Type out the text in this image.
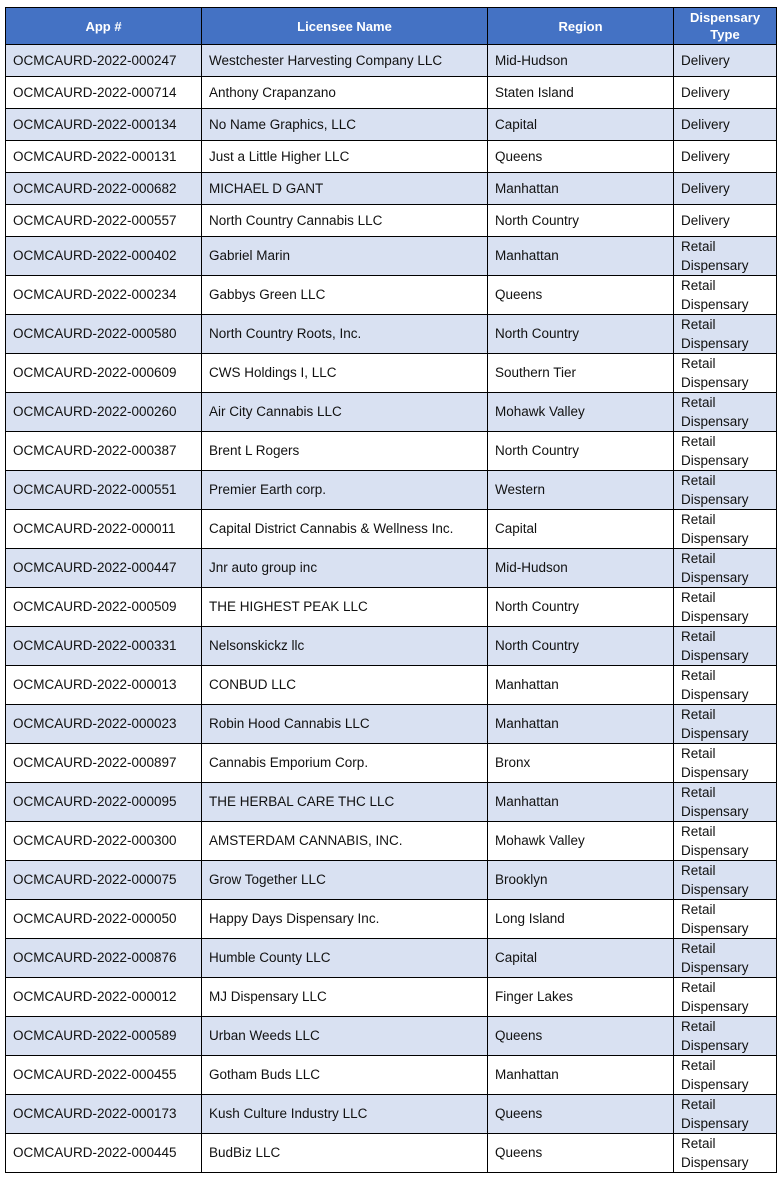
App #	Licensee Name	Region	Dispensary Type
OCMCAURD-2022-000247	Westchester Harvesting Company LLC	Mid-Hudson	Delivery
OCMCAURD-2022-000714	Anthony Crapanzano	Staten Island	Delivery
OCMCAURD-2022-000134	No Name Graphics, LLC	Capital	Delivery
OCMCAURD-2022-000131	Just a Little Higher LLC	Queens	Delivery
OCMCAURD-2022-000682	MICHAEL D GANT	Manhattan	Delivery
OCMCAURD-2022-000557	North Country Cannabis LLC	North Country	Delivery
OCMCAURD-2022-000402	Gabriel Marin	Manhattan	Retail Dispensary
OCMCAURD-2022-000234	Gabbys Green LLC	Queens	Retail Dispensary
OCMCAURD-2022-000580	North Country Roots, Inc.	North Country	Retail Dispensary
OCMCAURD-2022-000609	CWS Holdings I, LLC	Southern Tier	Retail Dispensary
OCMCAURD-2022-000260	Air City Cannabis LLC	Mohawk Valley	Retail Dispensary
OCMCAURD-2022-000387	Brent L Rogers	North Country	Retail Dispensary
OCMCAURD-2022-000551	Premier Earth corp.	Western	Retail Dispensary
OCMCAURD-2022-000011	Capital District Cannabis & Wellness Inc.	Capital	Retail Dispensary
OCMCAURD-2022-000447	Jnr auto group inc	Mid-Hudson	Retail Dispensary
OCMCAURD-2022-000509	THE HIGHEST PEAK LLC	North Country	Retail Dispensary
OCMCAURD-2022-000331	Nelsonskickz llc	North Country	Retail Dispensary
OCMCAURD-2022-000013	CONBUD LLC	Manhattan	Retail Dispensary
OCMCAURD-2022-000023	Robin Hood Cannabis LLC	Manhattan	Retail Dispensary
OCMCAURD-2022-000897	Cannabis Emporium Corp.	Bronx	Retail Dispensary
OCMCAURD-2022-000095	THE HERBAL CARE THC LLC	Manhattan	Retail Dispensary
OCMCAURD-2022-000300	AMSTERDAM CANNABIS, INC.	Mohawk Valley	Retail Dispensary
OCMCAURD-2022-000075	Grow Together LLC	Brooklyn	Retail Dispensary
OCMCAURD-2022-000050	Happy Days Dispensary Inc.	Long Island	Retail Dispensary
OCMCAURD-2022-000876	Humble County LLC	Capital	Retail Dispensary
OCMCAURD-2022-000012	MJ Dispensary LLC	Finger Lakes	Retail Dispensary
OCMCAURD-2022-000589	Urban Weeds LLC	Queens	Retail Dispensary
OCMCAURD-2022-000455	Gotham Buds LLC	Manhattan	Retail Dispensary
OCMCAURD-2022-000173	Kush Culture Industry LLC	Queens	Retail Dispensary
OCMCAURD-2022-000445	BudBiz LLC	Queens	Retail Dispensary
